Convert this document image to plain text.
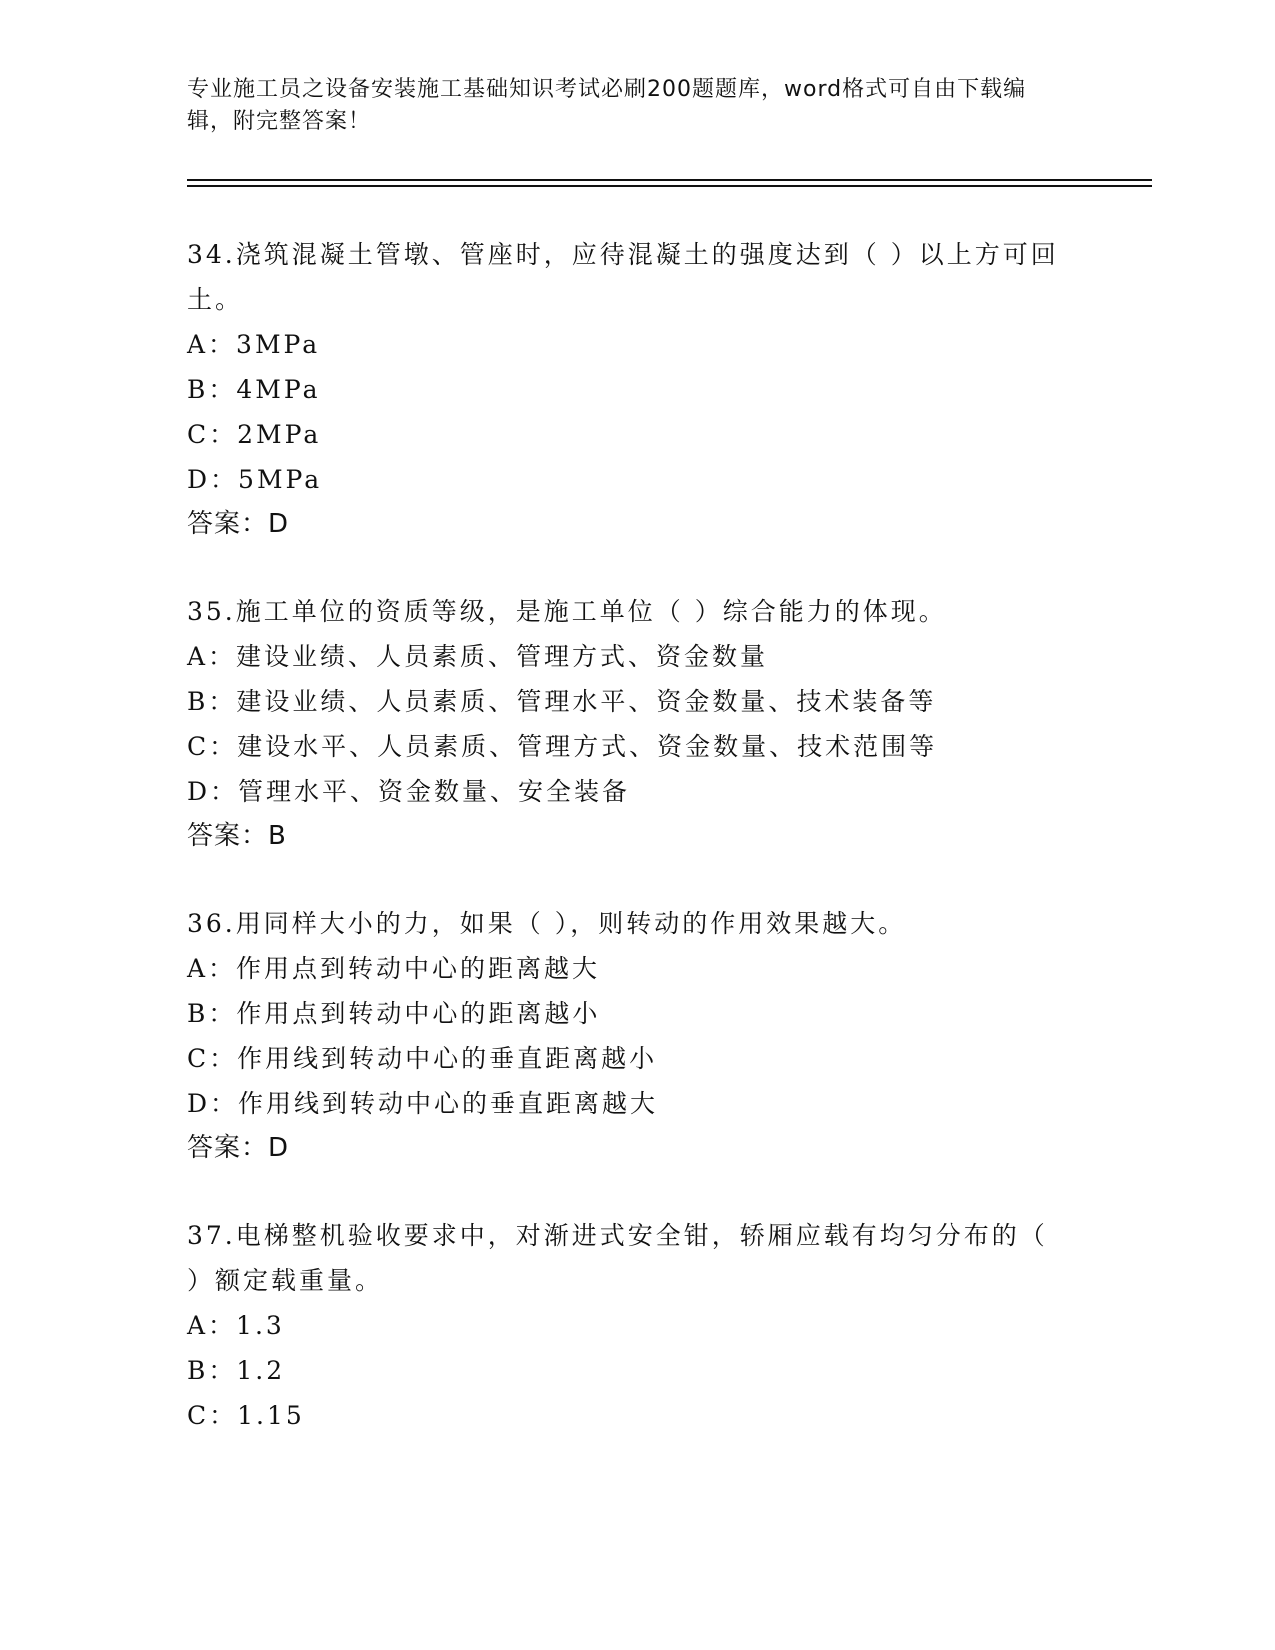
专业施工员之设备安装施工基础知识考试必刷200题题库，word格式可自由下载编辑，附完整答案！
34.浇筑混凝土管墩、管座时，应待混凝土的强度达到（ ）以上方可回土。
A：3MPa
B：4MPa
C：2MPa
D：5MPa
答案：D
35.施工单位的资质等级，是施工单位（ ）综合能力的体现。
A：建设业绩、人员素质、管理方式、资金数量
B：建设业绩、人员素质、管理水平、资金数量、技术装备等
C：建设水平、人员素质、管理方式、资金数量、技术范围等
D：管理水平、资金数量、安全装备
答案：B
36.用同样大小的力，如果（ ），则转动的作用效果越大。
A：作用点到转动中心的距离越大
B：作用点到转动中心的距离越小
C：作用线到转动中心的垂直距离越小
D：作用线到转动中心的垂直距离越大
答案：D
37.电梯整机验收要求中，对渐进式安全钳，轿厢应载有均匀分布的（ ）额定载重量。
A：1.3
B：1.2
C：1.15
